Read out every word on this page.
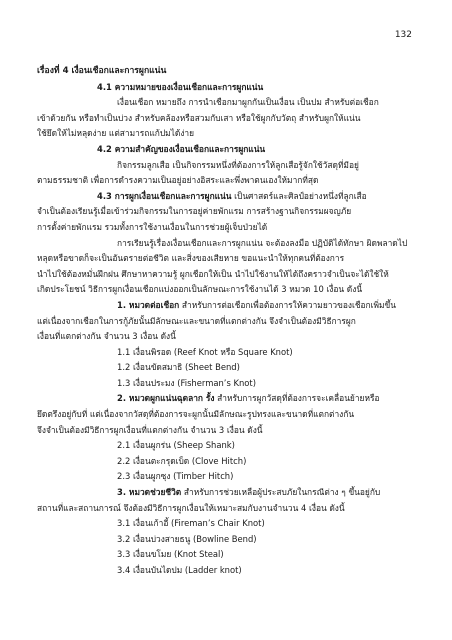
132

เรื่องที่ 4 เงื่อนเชือกและการผูกแน่น

4.1 ความหมายของเงื่อนเชือกและการผูกแน่น

เงื่อนเชือก หมายถึง การนำเชือกมาผูกกันเป็นเงื่อน เป็นปม สำหรับต่อเชือก

เข้าด้วยกัน หรือทำเป็นบ่วง สำหรับคล้องหรือสวมกับเสา หรือใช้ผูกกับวัตถุ สำหรับผูกให้แน่น

ใช้ยึดให้ไม่หลุดง่าย แต่สามารถแก้ปมได้ง่าย

4.2 ความสำคัญของเงื่อนเชือกและการผูกแน่น

กิจกรรมลูกเสือ เป็นกิจกรรมหนึ่งที่ต้องการให้ลูกเสือรู้จักใช้วัสดุที่มีอยู่

ตามธรรมชาติ เพื่อการดำรงความเป็นอยู่อย่างอิสระและพึ่งพาตนเองให้มากที่สุด

4.3 การผูกเงื่อนเชือกและการผูกแน่น เป็นศาสตร์และศิลป์อย่างหนึ่งที่ลูกเสือ

จำเป็นต้องเรียนรู้เมื่อเข้าร่วมกิจกรรมในการอยู่ค่ายพักแรม การสร้างฐานกิจกรรมผจญภัย

การตั้งค่ายพักแรม รวมทั้งการใช้งานเงื่อนในการช่วยผู้เจ็บป่วยได้

การเรียนรู้เรื่องเงื่อนเชือกและการผูกแน่น จะต้องลงมือ ปฏิบัติได้ทักษา ผิดพลาดไป

หลุดหรือขาดก็จะเป็นอันตรายต่อชีวิต และสิ่งของเสียหาย ขอแนะนำให้ทุกคนที่ต้องการ

นำไปใช้ต้องหมั่นฝึกฝน ศึกษาหาความรู้ ผูกเชือกให้เป็น นำไปใช้งานให้ได้ถึงคราวจำเป็นจะได้ใช้ให้

เกิดประโยชน์ วิธีการผูกเงื่อนเชือกแบ่งออกเป็นลักษณะการใช้งานได้ 3 หมวด 10 เงื่อน ดังนี้

1. หมวดต่อเชือก สำหรับการต่อเชือกเพื่อต้องการให้ความยาวของเชือกเพิ่มขึ้น

แต่เนื่องจากเชือกในการกู้ภัยนั้นมีลักษณะและขนาดที่แตกต่างกัน จึงจำเป็นต้องมีวิธีการผูก

เงื่อนที่แตกต่างกัน จำนวน 3 เงื่อน ดังนี้

1.1 เงื่อนพิรอด (Reef Knot หรือ Square Knot)

1.2 เงื่อนขัดสมาธิ (Sheet Bend)

1.3 เงื่อนประมง (Fisherman’s Knot)

2. หมวดผูกแน่นฉุดลาก รั้ง สำหรับการผูกวัสดุที่ต้องการจะเคลื่อนย้ายหรือ

ยึดตรึงอยู่กับที่ แต่เนื่องจากวัสดุที่ต้องการจะผูกนั้นมีลักษณะรูปทรงและขนาดที่แตกต่างกัน

จึงจำเป็นต้องมีวิธีการผูกเงื่อนที่แตกต่างกัน จำนวน 3 เงื่อน ดังนี้

2.1 เงื่อนผูกร่น (Sheep Shank)

2.2 เงื่อนตะกรุดเบ็ด (Clove Hitch)

2.3 เงื่อนผูกซุง (Timber Hitch)

3. หมวดช่วยชีวิต สำหรับการช่วยเหลือผู้ประสบภัยในกรณีต่าง ๆ ขึ้นอยู่กับ

สถานที่และสถานการณ์ จึงต้องมีวิธีการผูกเงื่อนให้เหมาะสมกับงานจำนวน 4 เงื่อน ดังนี้

3.1 เงื่อนเก้าอี้ (Fireman’s Chair Knot)

3.2 เงื่อนบ่วงสายธนู (Bowline Bend)

3.3 เงื่อนขโมย (Knot Steal)

3.4 เงื่อนบันไดปม (Ladder knot)
